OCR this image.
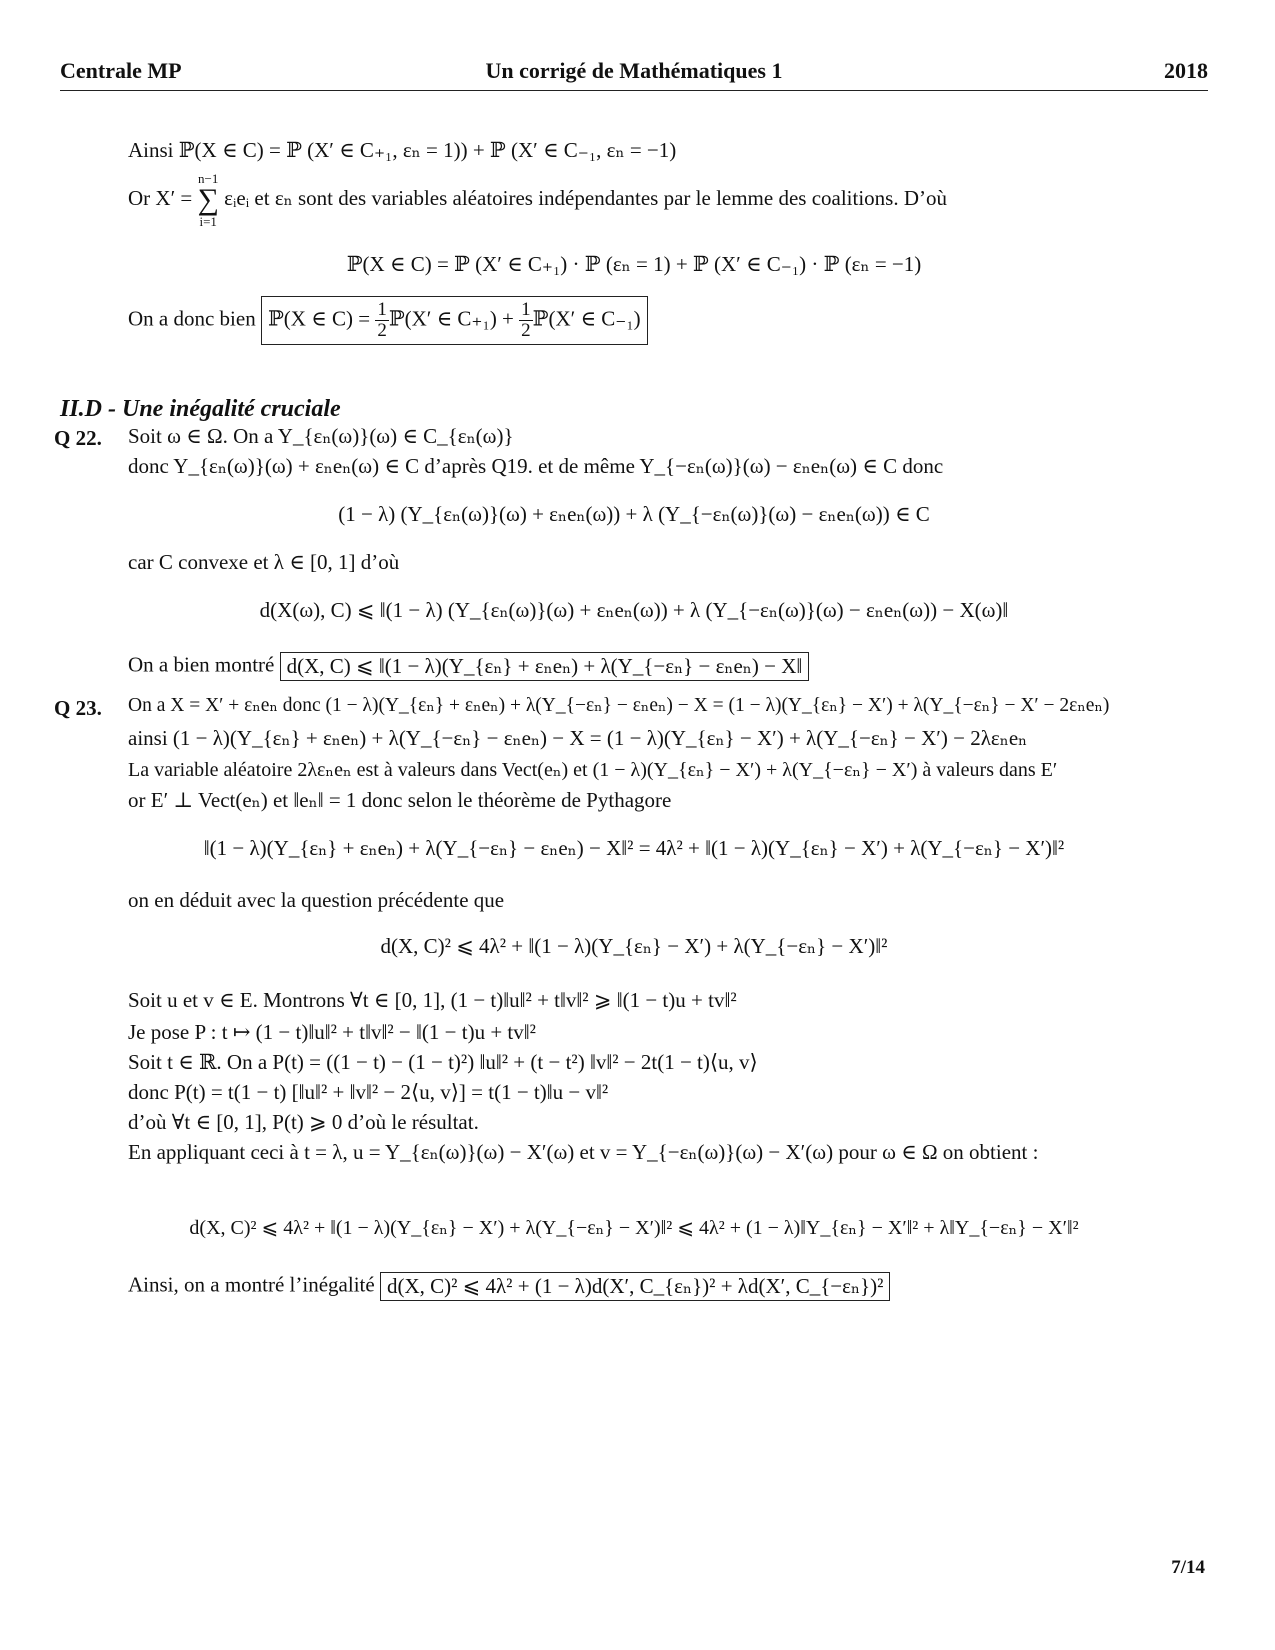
Centrale MP	Un corrigé de Mathématiques 1	2018
Ainsi ℙ(X ∈ C) = ℙ (X′ ∈ C₊₁, εₙ = 1)) + ℙ (X′ ∈ C₋₁, εₙ = −1)
Or X′ =
n−1
∑
i=1
εᵢeᵢ et εₙ sont des variables aléatoires indépendantes par le lemme des coalitions. D’où
ℙ(X ∈ C) = ℙ (X′ ∈ C₊₁) · ℙ (εₙ = 1) + ℙ (X′ ∈ C₋₁) · ℙ (εₙ = −1)
On a donc bien ℙ(X ∈ $C) = \frac{1}{2}$ ℙ(X′ ∈ $C_{+1}) + \frac{1}{2}$ ℙ(X′ ∈ C₋₁)
II.D - Une inégalité cruciale
Q 22. Soit ω ∈ Ω. On a Y_{εₙ(ω)}(ω) ∈ C_{εₙ(ω)}
donc Y_{εₙ(ω)}(ω) + εₙeₙ(ω) ∈ C d’après Q19. et de même Y_{−εₙ(ω)}(ω) − εₙeₙ(ω) ∈ C donc
(1 − λ) (Y_{εₙ(ω)}(ω) + εₙeₙ(ω)) + λ (Y_{−εₙ(ω)}(ω) − εₙeₙ(ω)) ∈ C
car C convexe et λ ∈ [0, 1] d’où
d(X(ω), C) ⩽ ‖(1 − λ) (Y_{εₙ(ω)}(ω) + εₙeₙ(ω)) + λ (Y_{−εₙ(ω)}(ω) − εₙeₙ(ω)) − X(ω)‖
On a bien montré d(X, C) ⩽ ‖(1 − λ)(Y_{εₙ} + εₙeₙ) + λ(Y_{−εₙ} − εₙeₙ) − X‖
Q 23. On a X = X′ + εₙeₙ donc (1 − λ)(Y_{εₙ} + εₙeₙ) + λ(Y_{−εₙ} − εₙeₙ) − X = (1 − λ)(Y_{εₙ} − X′) + λ(Y_{−εₙ} − X′ − 2εₙeₙ)
ainsi (1 − λ)(Y_{εₙ} + εₙeₙ) + λ(Y_{−εₙ} − εₙeₙ) − X = (1 − λ)(Y_{εₙ} − X′) + λ(Y_{−εₙ} − X′) − 2λεₙeₙ
La variable aléatoire 2λεₙeₙ est à valeurs dans Vect(eₙ) et (1 − λ)(Y_{εₙ} − X′) + λ(Y_{−εₙ} − X′) à valeurs dans E′
or E′ ⊥ Vect(eₙ) et ‖eₙ‖ = 1 donc selon le théorème de Pythagore
‖(1 − λ)(Y_{εₙ} + εₙeₙ) + λ(Y_{−εₙ} − εₙeₙ) − X‖² = 4λ² + ‖(1 − λ)(Y_{εₙ} − X′) + λ(Y_{−εₙ} − X′)‖²
on en déduit avec la question précédente que
d(X, C)² ⩽ 4λ² + ‖(1 − λ)(Y_{εₙ} − X′) + λ(Y_{−εₙ} − X′)‖²
Soit u et v ∈ E. Montrons ∀t ∈ [0, 1], (1 − t)‖u‖² + t‖v‖² ⩾ ‖(1 − t)u + tv‖²
Je pose P : t ↦ (1 − t)‖u‖² + t‖v‖² − ‖(1 − t)u + tv‖²
Soit t ∈ ℝ. On a P(t) = ((1 − t) − (1 − t)²) ‖u‖² + (t − t²) ‖v‖² − 2t(1 − t)⟨u, v⟩
donc P(t) = t(1 − t) [‖u‖² + ‖v‖² − 2⟨u, v⟩] = t(1 − t)‖u − v‖²
d’où ∀t ∈ [0, 1], P(t) ⩾ 0 d’où le résultat.
En appliquant ceci à t = λ, u = Y_{εₙ(ω)}(ω) − X′(ω) et v = Y_{−εₙ(ω)}(ω) − X′(ω) pour ω ∈ Ω on obtient :
d(X, C)² ⩽ 4λ² + ‖(1 − λ)(Y_{εₙ} − X′) + λ(Y_{−εₙ} − X′)‖² ⩽ 4λ² + (1 − λ)‖Y_{εₙ} − X′‖² + λ‖Y_{−εₙ} − X′‖²
Ainsi, on a montré l’inégalité d(X, C)² ⩽ 4λ² + (1 − λ)d(X′, C_{εₙ})² + λd(X′, C_{−εₙ})²
7/14
